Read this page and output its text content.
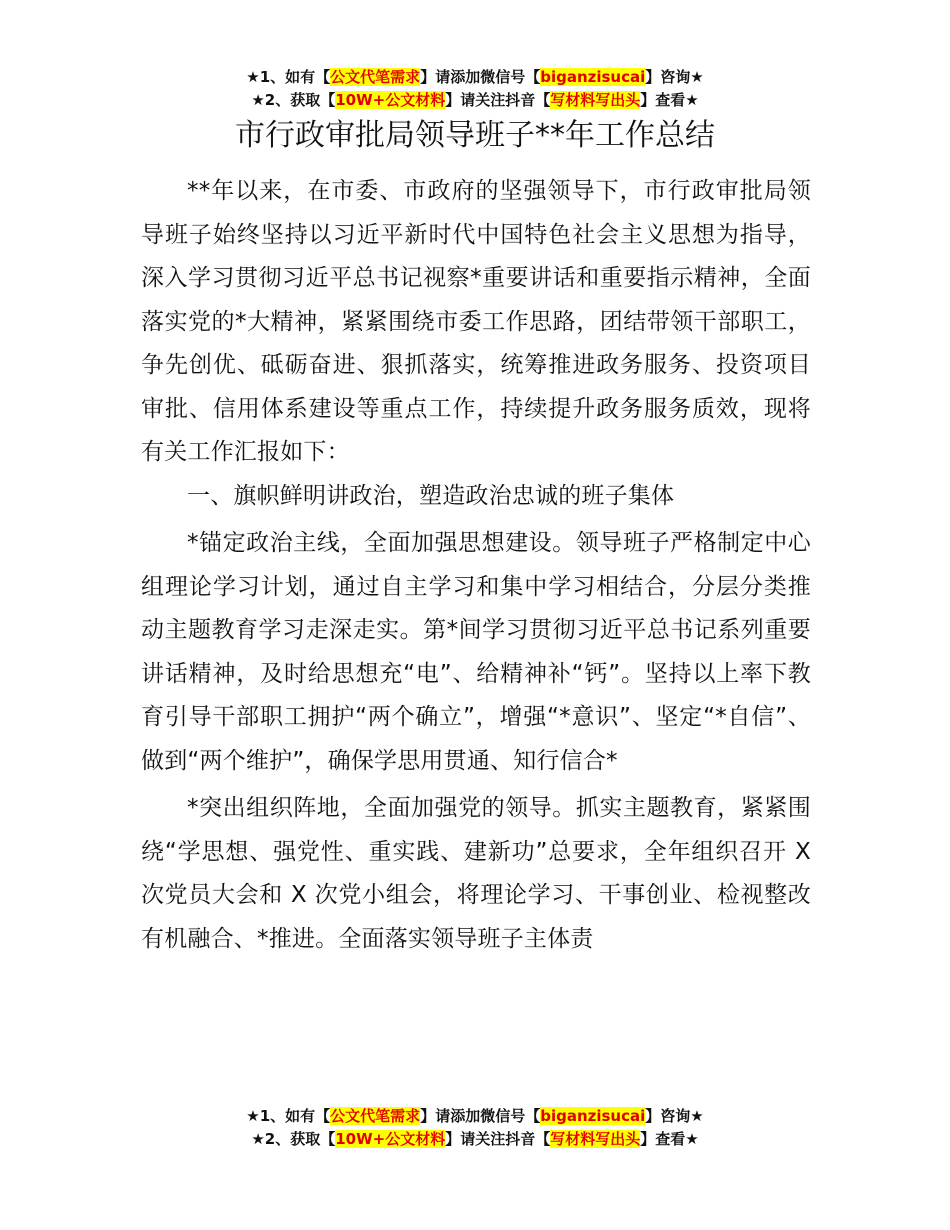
★1、如有【公文代笔需求】请添加微信号【biganzisucai】咨询★
★2、获取【10W+公文材料】请关注抖音【写材料写出头】查看★
市行政审批局领导班子**年工作总结

**年以来，在市委、市政府的坚强领导下，市行政审批局领导班子始终坚持以习近平新时代中国特色社会主义思想为指导，深入学习贯彻习近平总书记视察*重要讲话和重要指示精神，全面落实党的*大精神，紧紧围绕市委工作思路，团结带领干部职工，争先创优、砥砺奋进、狠抓落实，统筹推进政务服务、投资项目审批、信用体系建设等重点工作，持续提升政务服务质效，现将有关工作汇报如下：

一、旗帜鲜明讲政治，塑造政治忠诚的班子集体

*锚定政治主线，全面加强思想建设。领导班子严格制定中心组理论学习计划，通过自主学习和集中学习相结合，分层分类推动主题教育学习走深走实。第*间学习贯彻习近平总书记系列重要讲话精神，及时给思想充“电”、给精神补“钙”。坚持以上率下教育引导干部职工拥护“两个确立”，增强“*意识”、坚定“*自信”、做到“两个维护”，确保学思用贯通、知行信合*

*突出组织阵地，全面加强党的领导。抓实主题教育，紧紧围绕“学思想、强党性、重实践、建新功”总要求，全年组织召开 X 次党员大会和 X 次党小组会，将理论学习、干事创业、检视整改有机融合、*推进。全面落实领导班子主体责

★1、如有【公文代笔需求】请添加微信号【biganzisucai】咨询★
★2、获取【10W+公文材料】请关注抖音【写材料写出头】查看★
